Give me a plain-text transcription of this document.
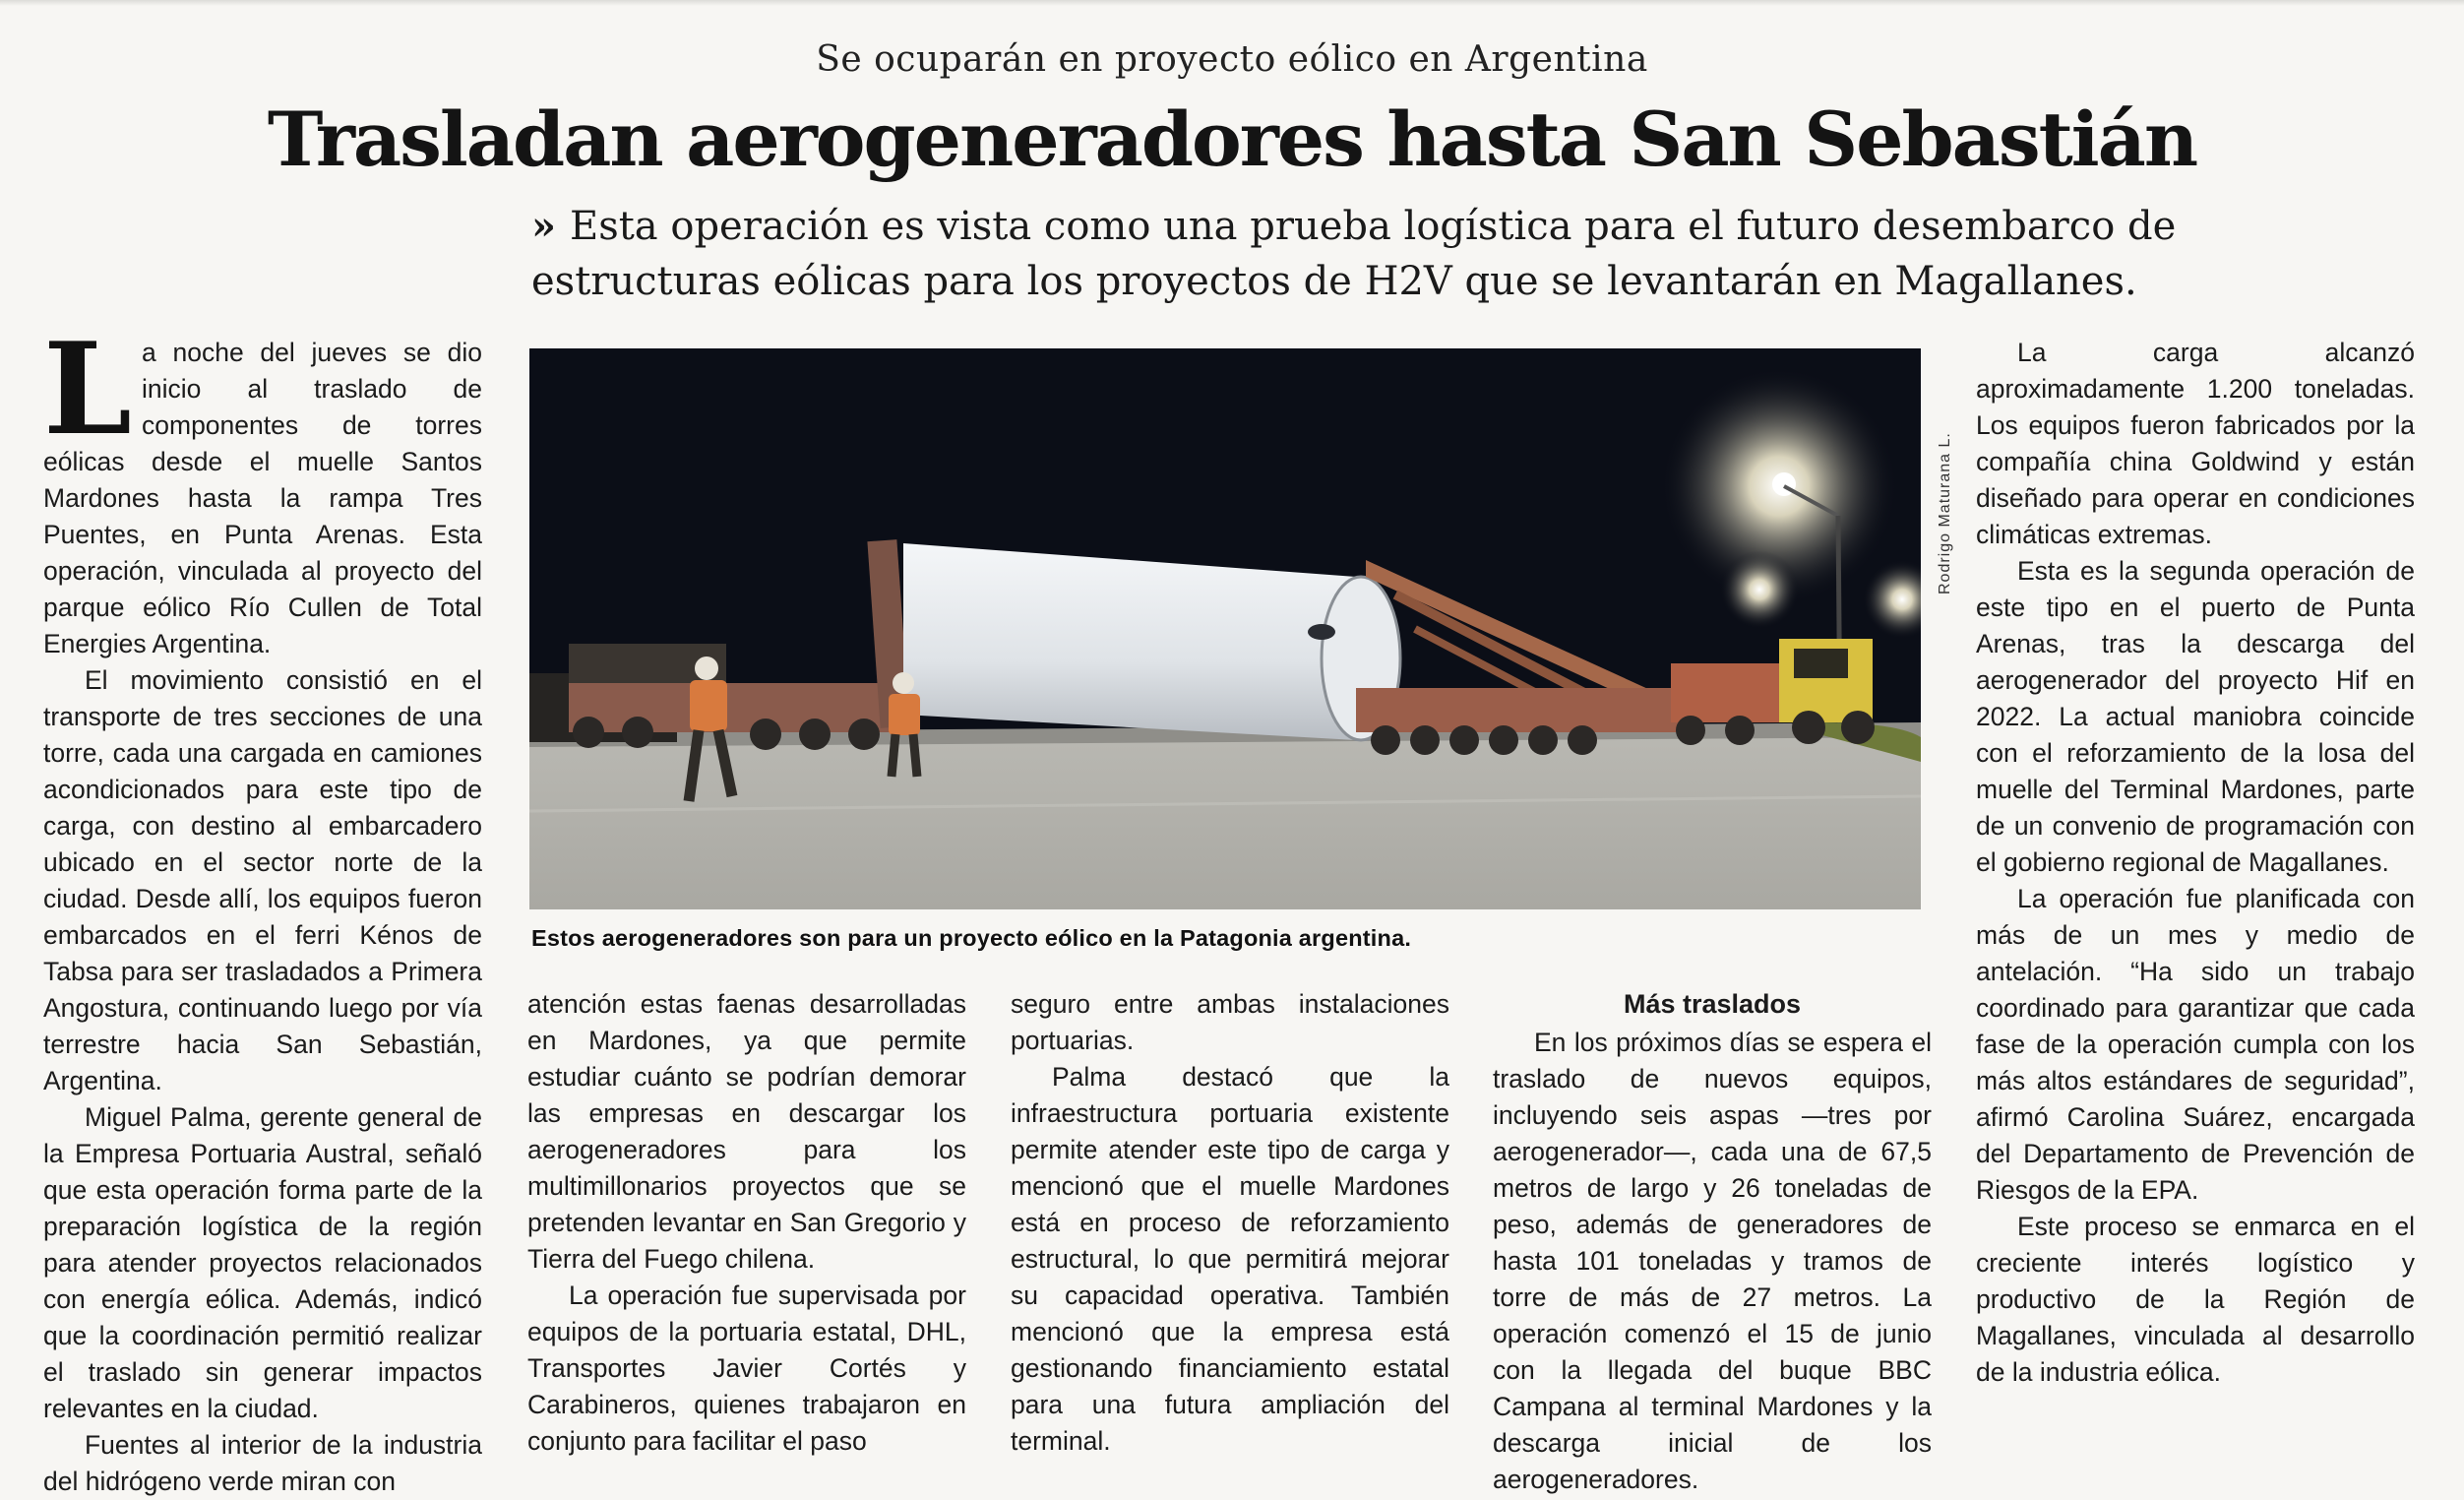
Se ocuparán en proyecto eólico en Argentina
Trasladan aerogeneradores hasta San Sebastián
» Esta operación es vista como una prueba logística para el futuro desembarco de
estructuras eólicas para los proyectos de H2V que se levantarán en Magallanes.

La noche del jueves se dio inicio al traslado de componentes de torres eólicas desde el muelle Santos Mardones hasta la rampa Tres Puentes, en Punta Arenas. Esta operación, vinculada al proyecto del parque eólico Río Cullen de Total Energies Argentina.

El movimiento consistió en el transporte de tres secciones de una torre, cada una cargada en camiones acondicionados para este tipo de carga, con destino al embarcadero ubicado en el sector norte de la ciudad. Desde allí, los equipos fueron embarcados en el ferri Kénos de Tabsa para ser trasladados a Primera Angostura, continuando luego por vía terrestre hacia San Sebastián, Argentina.

Miguel Palma, gerente general de la Empresa Portuaria Austral, señaló que esta operación forma parte de la preparación logística de la región para atender proyectos relacionados con energía eólica. Además, indicó que la coordinación permitió realizar el traslado sin generar impactos relevantes en la ciudad.

Fuentes al interior de la industria del hidrógeno verde miran con

Rodrigo Maturana L.
Estos aerogeneradores son para un proyecto eólico en la Patagonia argentina.

atención estas faenas desarrolladas en Mardones, ya que permite estudiar cuánto se podrían demorar las empresas en descargar los aerogeneradores para los multimillonarios proyectos que se pretenden levantar en San Gregorio y Tierra del Fuego chilena.

La operación fue supervisada por equipos de la portuaria estatal, DHL, Transportes Javier Cortés y Carabineros, quienes trabajaron en conjunto para facilitar el paso

seguro entre ambas instalaciones portuarias.

Palma destacó que la infraestructura portuaria existente permite atender este tipo de carga y mencionó que el muelle Mardones está en proceso de reforzamiento estructural, lo que permitirá mejorar su capacidad operativa. También mencionó que la empresa está gestionando financiamiento estatal para una futura ampliación del terminal.

Más traslados

En los próximos días se espera el traslado de nuevos equipos, incluyendo seis aspas —tres por aerogenerador—, cada una de 67,5 metros de largo y 26 toneladas de peso, además de generadores de hasta 101 toneladas y tramos de torre de más de 27 metros. La operación comenzó el 15 de junio con la llegada del buque BBC Campana al terminal Mardones y la descarga inicial de los aerogeneradores.

La carga alcanzó aproximadamente 1.200 toneladas. Los equipos fueron fabricados por la compañía china Goldwind y están diseñado para operar en condiciones climáticas extremas.

Esta es la segunda operación de este tipo en el puerto de Punta Arenas, tras la descarga del aerogenerador del proyecto Hif en 2022. La actual maniobra coincide con el reforzamiento de la losa del muelle del Terminal Mardones, parte de un convenio de programación con el gobierno regional de Magallanes.

La operación fue planificada con más de un mes y medio de antelación. “Ha sido un trabajo coordinado para garantizar que cada fase de la operación cumpla con los más altos estándares de seguridad”, afirmó Carolina Suárez, encargada del Departamento de Prevención de Riesgos de la EPA.

Este proceso se enmarca en el creciente interés logístico y productivo de la Región de Magallanes, vinculada al desarrollo de la industria eólica.
